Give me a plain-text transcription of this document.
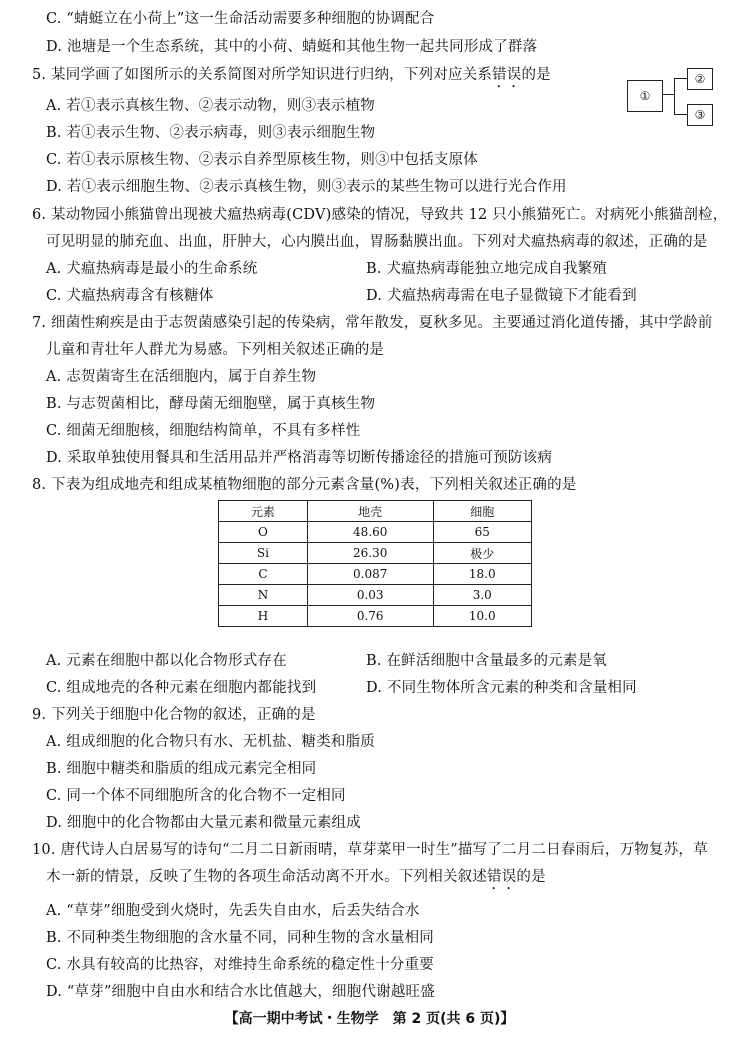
C. “蜻蜓立在小荷上”这一生命活动需要多种细胞的协调配合
D. 池塘是一个生态系统，其中的小荷、蜻蜓和其他生物一起共同形成了群落
5. 某同学画了如图所示的关系简图对所学知识进行归纳，下列对应关系错误的是
①
②
③
A. 若①表示真核生物、②表示动物，则③表示植物
B. 若①表示生物、②表示病毒，则③表示细胞生物
C. 若①表示原核生物、②表示自养型原核生物，则③中包括支原体
D. 若①表示细胞生物、②表示真核生物，则③表示的某些生物可以进行光合作用
6. 某动物园小熊猫曾出现被犬瘟热病毒(CDV)感染的情况，导致共 12 只小熊猫死亡。对病死小熊猫剖检，
可见明显的肺充血、出血，肝肿大，心内膜出血，胃肠黏膜出血。下列对犬瘟热病毒的叙述，正确的是
A. 犬瘟热病毒是最小的生命系统	B. 犬瘟热病毒能独立地完成自我繁殖
C. 犬瘟热病毒含有核糖体	D. 犬瘟热病毒需在电子显微镜下才能看到
7. 细菌性痢疾是由于志贺菌感染引起的传染病，常年散发，夏秋多见。主要通过消化道传播，其中学龄前
儿童和青壮年人群尤为易感。下列相关叙述正确的是
A. 志贺菌寄生在活细胞内，属于自养生物
B. 与志贺菌相比，酵母菌无细胞壁，属于真核生物
C. 细菌无细胞核，细胞结构简单，不具有多样性
D. 采取单独使用餐具和生活用品并严格消毒等切断传播途径的措施可预防该病
8. 下表为组成地壳和组成某植物细胞的部分元素含量(%)表，下列相关叙述正确的是
元素	地壳	细胞
O	48.60	65
Si	26.30	极少
C	0.087	18.0
N	0.03	3.0
H	0.76	10.0
A. 元素在细胞中都以化合物形式存在	B. 在鲜活细胞中含量最多的元素是氧
C. 组成地壳的各种元素在细胞内都能找到	D. 不同生物体所含元素的种类和含量相同
9. 下列关于细胞中化合物的叙述，正确的是
A. 组成细胞的化合物只有水、无机盐、糖类和脂质
B. 细胞中糖类和脂质的组成元素完全相同
C. 同一个体不同细胞所含的化合物不一定相同
D. 细胞中的化合物都由大量元素和微量元素组成
10. 唐代诗人白居易写的诗句“二月二日新雨晴，草芽菜甲一时生”描写了二月二日春雨后，万物复苏，草
木一新的情景，反映了生物的各项生命活动离不开水。下列相关叙述错误的是
A. “草芽”细胞受到火烧时，先丢失自由水，后丢失结合水
B. 不同种类生物细胞的含水量不同，同种生物的含水量相同
C. 水具有较高的比热容，对维持生命系统的稳定性十分重要
D. “草芽”细胞中自由水和结合水比值越大，细胞代谢越旺盛
【高一期中考试・生物学　第 2 页(共 6 页)】
